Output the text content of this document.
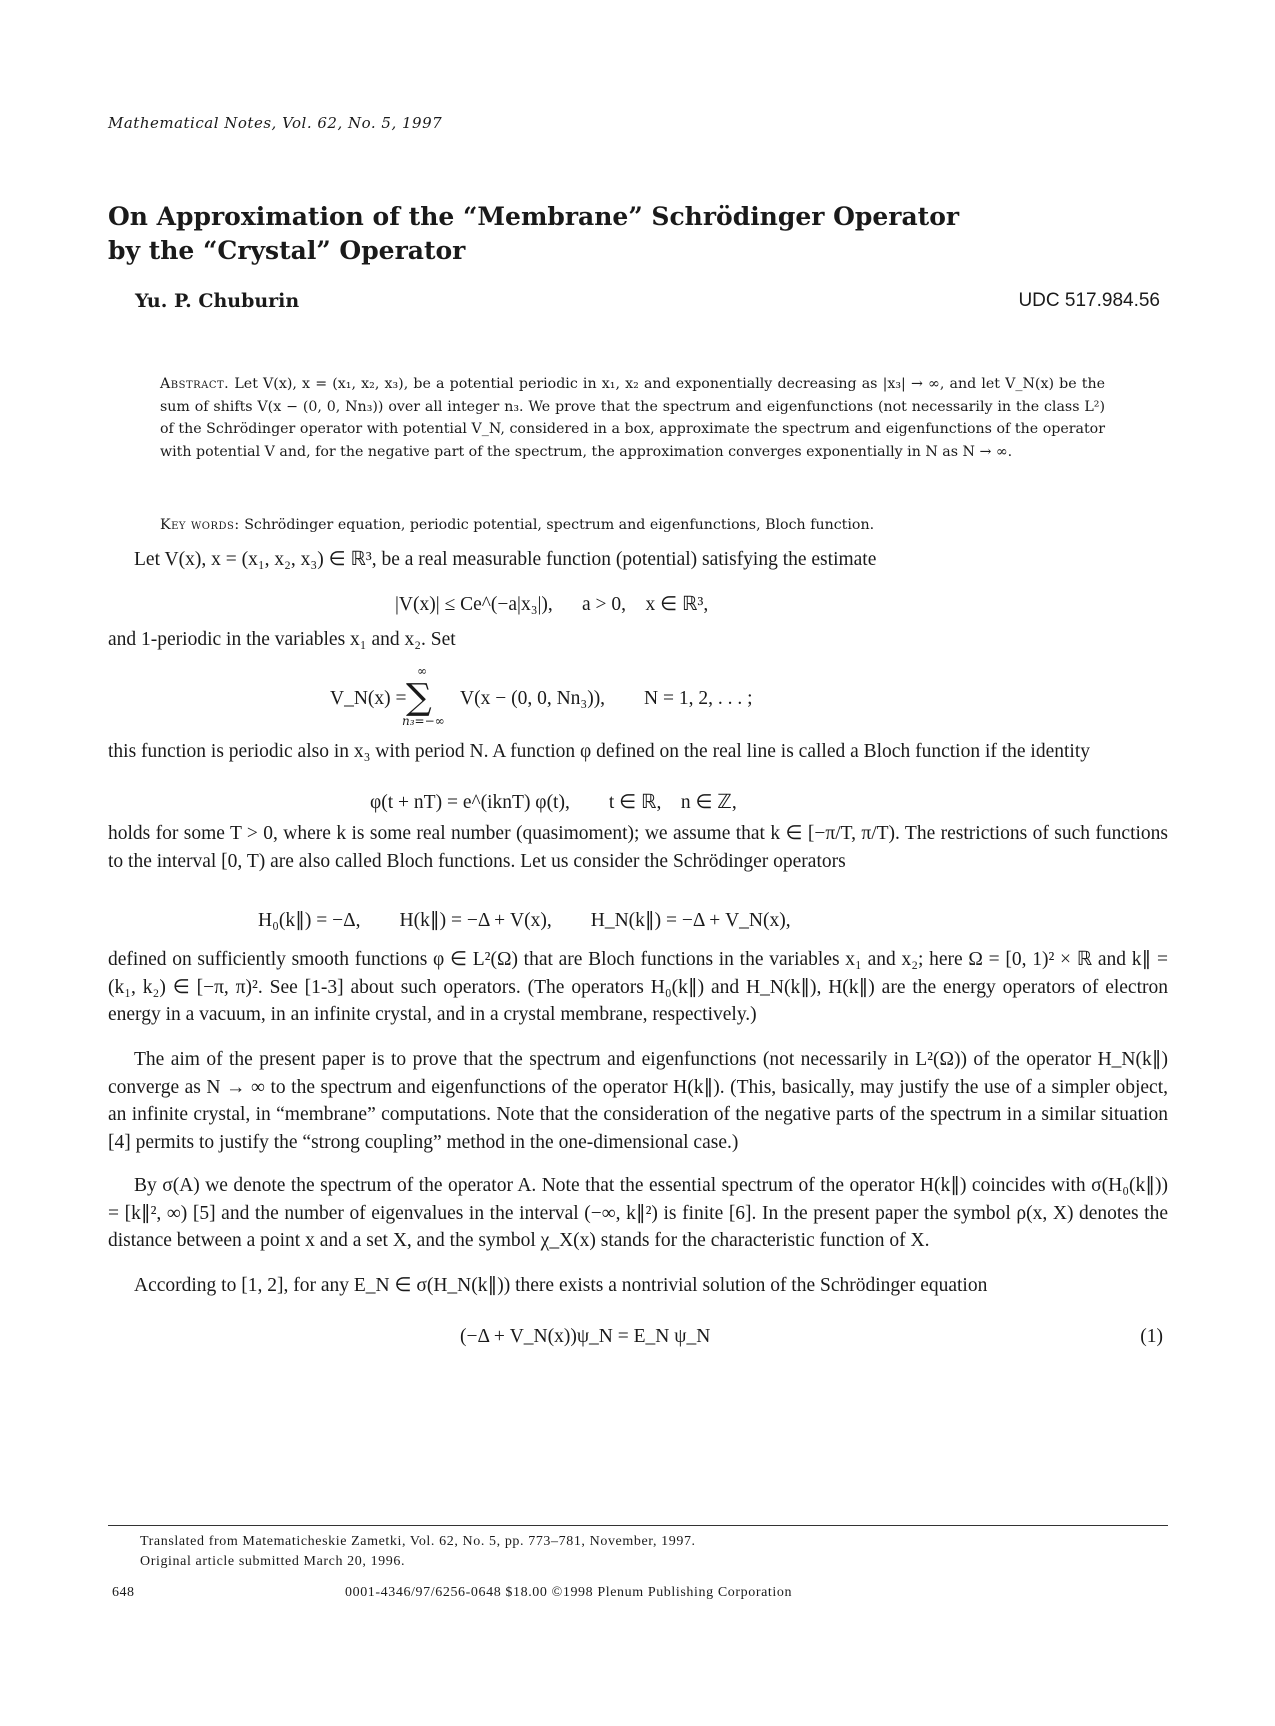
Mathematical Notes, Vol. 62, No. 5, 1997
On Approximation of the “Membrane” Schrödinger Operator
by the “Crystal” Operator
Yu. P. Chuburin	UDC 517.984.56
Abstract. Let V(x), x = (x₁, x₂, x₃), be a potential periodic in x₁, x₂ and exponentially decreasing as |x₃| → ∞, and let V_N(x) be the sum of shifts V(x − (0, 0, Nn₃)) over all integer n₃. We prove that the spectrum and eigenfunctions (not necessarily in the class L²) of the Schrödinger operator with potential V_N, considered in a box, approximate the spectrum and eigenfunctions of the operator with potential V and, for the negative part of the spectrum, the approximation converges exponentially in N as N → ∞.
Key words: Schrödinger equation, periodic potential, spectrum and eigenfunctions, Bloch function.
Let V(x), x = (x₁, x₂, x₃) ∈ ℝ³, be a real measurable function (potential) satisfying the estimate
|V(x)| ≤ Ce^(−a|x₃|),      a > 0,    x ∈ ℝ³,
and 1-periodic in the variables x₁ and x₂. Set
V_N(x) =
∞
∑
n₃=−∞
V(x − (0, 0, Nn₃)),        N = 1, 2, . . . ;
this function is periodic also in x₃ with period N. A function φ defined on the real line is called a Bloch function if the identity
φ(t + nT) = e^(iknT) φ(t),        t ∈ ℝ,    n ∈ ℤ,
holds for some T > 0, where k is some real number (quasimoment); we assume that k ∈ [−π/T, π/T). The restrictions of such functions to the interval [0, T) are also called Bloch functions. Let us consider the Schrödinger operators
H₀(k∥) = −Δ,        H(k∥) = −Δ + V(x),        H_N(k∥) = −Δ + V_N(x),
defined on sufficiently smooth functions φ ∈ L²(Ω) that are Bloch functions in the variables x₁ and x₂; here Ω = [0, 1)² × ℝ and k∥ = (k₁, k₂) ∈ [−π, π)². See [1-3] about such operators. (The operators H₀(k∥) and H_N(k∥), H(k∥) are the energy operators of electron energy in a vacuum, in an infinite crystal, and in a crystal membrane, respectively.)
The aim of the present paper is to prove that the spectrum and eigenfunctions (not necessarily in L²(Ω)) of the operator H_N(k∥) converge as N → ∞ to the spectrum and eigenfunctions of the operator H(k∥). (This, basically, may justify the use of a simpler object, an infinite crystal, in “membrane” computations. Note that the consideration of the negative parts of the spectrum in a similar situation [4] permits to justify the “strong coupling” method in the one-dimensional case.)
By σ(A) we denote the spectrum of the operator A. Note that the essential spectrum of the operator H(k∥) coincides with σ(H₀(k∥)) = [k∥², ∞) [5] and the number of eigenvalues in the interval (−∞, k∥²) is finite [6]. In the present paper the symbol ρ(x, X) denotes the distance between a point x and a set X, and the symbol χ_X(x) stands for the characteristic function of X.
According to [1, 2], for any E_N ∈ σ(H_N(k∥)) there exists a nontrivial solution of the Schrödinger equation
(−Δ + V_N(x))ψ_N = E_N ψ_N	(1)
Translated from Matematicheskie Zametki, Vol. 62, No. 5, pp. 773–781, November, 1997.
Original article submitted March 20, 1996.
648	0001-4346/97/6256-0648 $18.00 ©1998 Plenum Publishing Corporation
